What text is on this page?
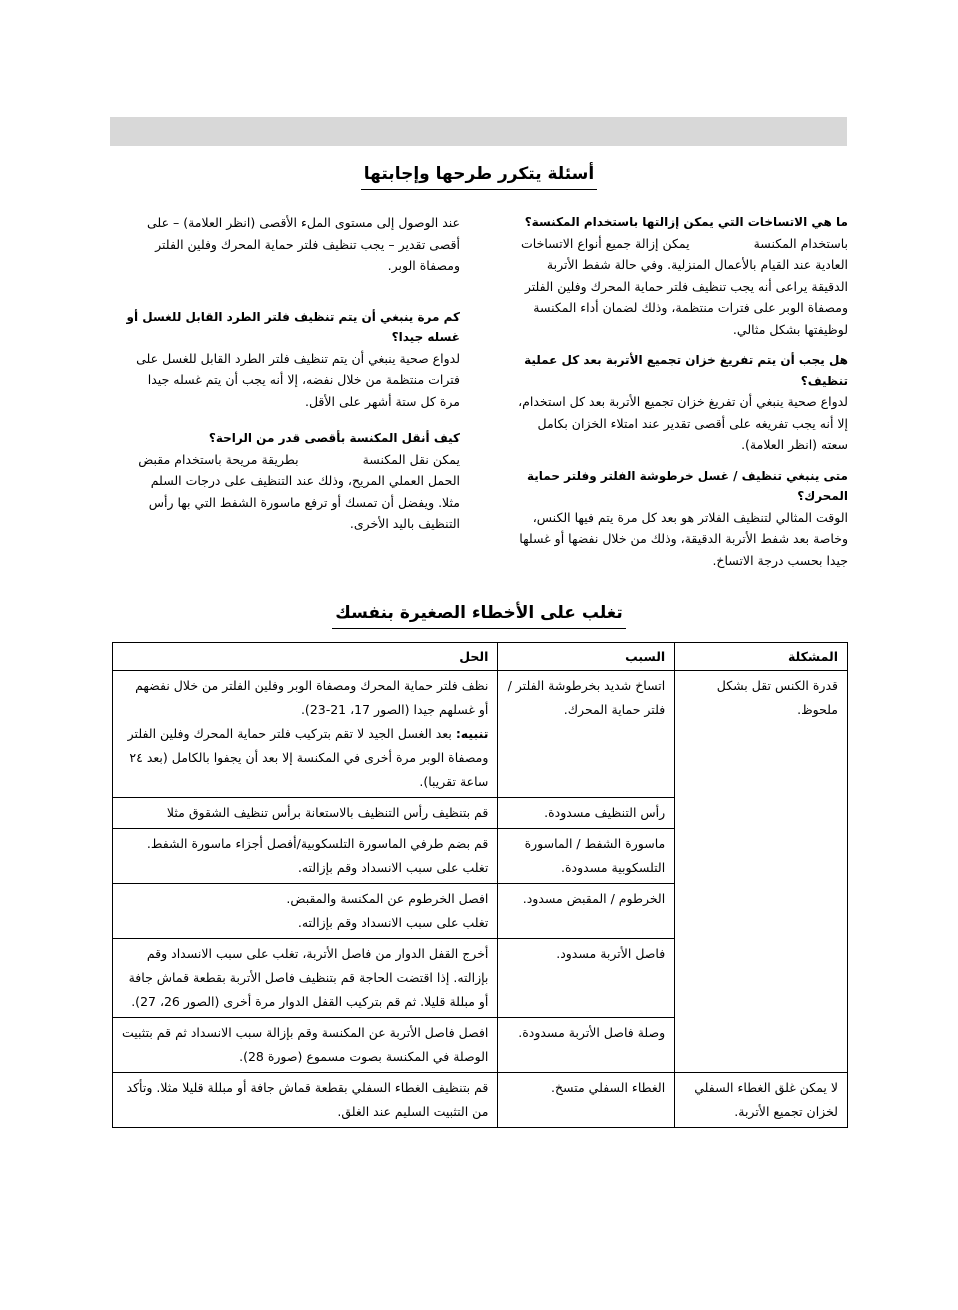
أسئلة يتكرر طرحها وإجابتها
ما هي الاتساخات التي يمكن إزالتها باستخدام المكنسة؟
باستخدام المكنسةيمكن إزالة جميع أنواع الاتساخات العادية عند القيام بالأعمال المنزلية. وفي حالة شفط الأتربة الدقيقة يراعى أنه يجب تنظيف فلتر حماية المحرك وفلين الفلتر ومصفاة الوبر على فترات منتظمة، وذلك لضمان أداء المكنسة لوظيفتها بشكل مثالي.
هل يجب أن يتم تفريغ خزان تجميع الأتربة بعد كل عملية تنظيف؟
لدواع صحية ينبغي أن تفريغ خزان تجميع الأتربة بعد كل استخدام، إلا أنه يجب تفريغه على أقصى تقدير عند امتلاء الخزان بكامل سعته (انظر العلامة).
متى ينبغي تنظيف / غسل خرطوشة الفلتر وفلتر حماية المحرك؟
الوقت المثالي لتنظيف الفلاتر هو بعد كل مرة يتم فيها الكنس، وخاصة بعد شفط الأتربة الدقيقة، وذلك من خلال نفضها أو غسلها جيدا بحسب درجة الاتساخ.
عند الوصول إلى مستوى الملء الأقصى (انظر العلامة) – على أقصى تقدير – يجب تنظيف فلتر حماية المحرك وفلين الفلتر ومصفاة الوبر.
كم مرة ينبغي أن يتم تنظيف فلتر الطرد القابل للغسل أو غسله جيدا؟
لدواع صحية ينبغي أن يتم تنظيف فلتر الطرد القابل للغسل على فترات منتظمة من خلال نفضه، إلا أنه يجب أن يتم غسله جيدا مرة كل ستة أشهر على الأقل.
كيف أنقل المكنسة بأقصى قدر من الراحة؟
يمكن نقل المكنسةبطريقة مريحة باستخدام مقبض الحمل العملي المريح، وذلك عند التنظيف على درجات السلم مثلا. ويفضل أن تمسك أو ترفع ماسورة الشفط التي بها رأس التنظيف باليد الأخرى.
تغلب على الأخطاء الصغيرة بنفسك
المشكلة	السبب	الحل
قدرة الكنس تقل بشكل ملحوظ.	اتساخ شديد بخرطوشة الفلتر / فلتر حماية المحرك.	نظف فلتر حماية المحرك ومصفاة الوبر وفلين الفلتر من خلال نفضهم أو غسلهم جيدا (الصور 17، 21-23).
تنبيه: بعد الغسل الجيد لا تقم بتركيب فلتر حماية المحرك وفلين الفلتر ومصفاة الوبر مرة أخرى في المكنسة إلا بعد أن يجفوا بالكامل (بعد ٢٤ ساعة تقريبا).

	رأس التنظيف مسدودة.	قم بتنظيف رأس التنظيف بالاستعانة برأس تنظيف الشقوق مثلا

	ماسورة الشفط / الماسورة التلسكوبية مسدودة.	قم بضم طرفي الماسورة التلسكوبية/أفصل أجزاء ماسورة الشفط.
تغلب على سبب الانسداد وقم بإزالته.

	الخرطوم / المقبض مسدود.	افصل الخرطوم عن المكنسة والمقبض.
تغلب على سبب الانسداد وقم بإزالته.

	فاصل الأتربة مسدود.	أخرج القفل الدوار من فاصل الأتربة، تغلب على سبب الانسداد وقم بإزالته. إذا اقتضت الحاجة قم بتنظيف فاصل الأتربة بقطعة قماش جافة أو مبللة قليلا. ثم قم بتركيب القفل الدوار مرة أخرى (الصور 26، 27).

	وصلة فاصل الأتربة مسدودة.	افصل فاصل الأتربة عن المكنسة وقم بإزالة سبب الانسداد ثم قم بتثبيت الوصلة في المكنسة بصوت مسموع (صورة 28).

لا يمكن غلق الغطاء السفلي لخزان تجميع الأتربة.	الغطاء السفلي متسخ.	قم بتنظيف الغطاء السفلي بقطعة قماش جافة أو مبللة قليلا مثلا. وتأكد من التثبيت السليم عند الغلق.
